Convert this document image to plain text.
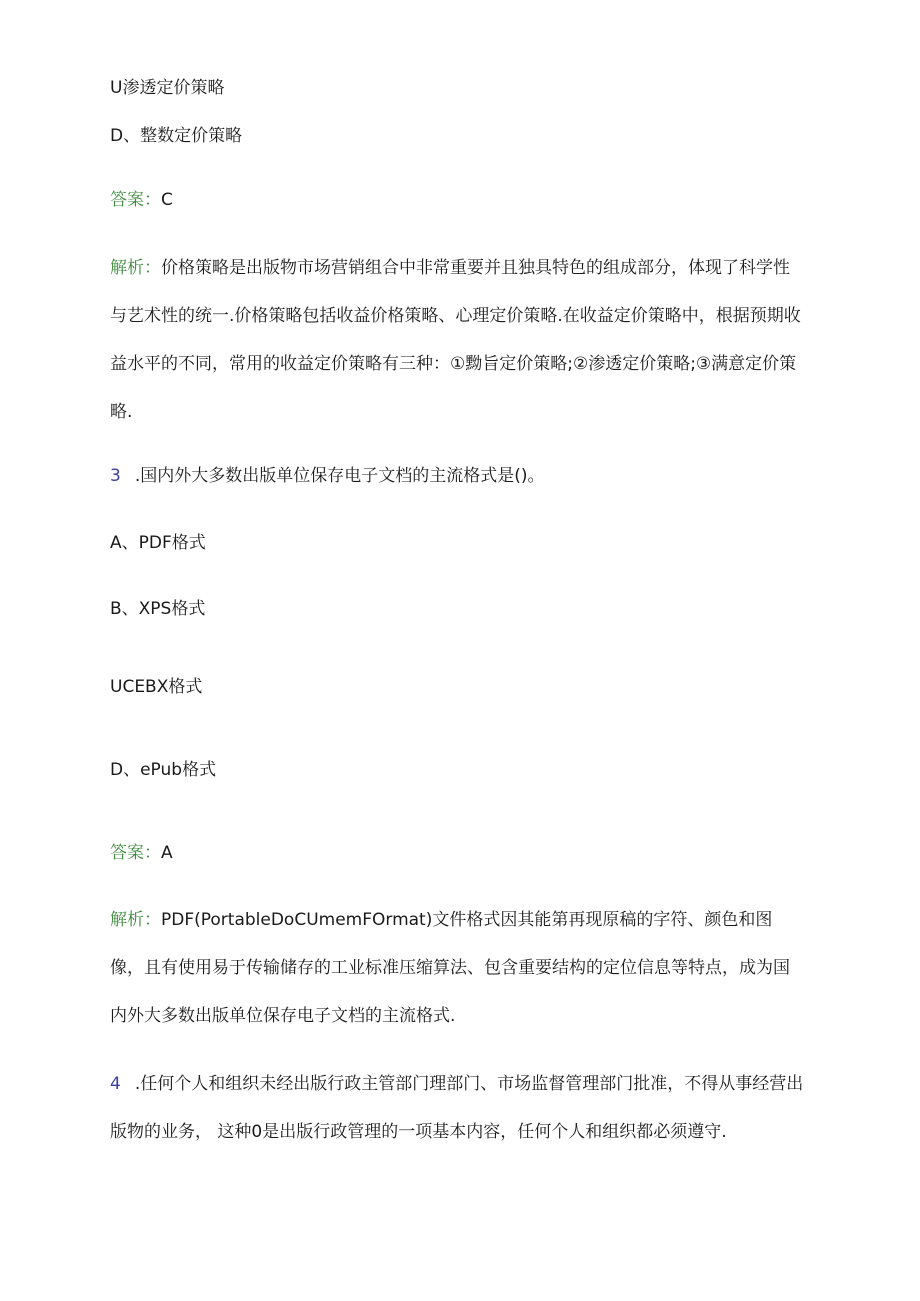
U渗透定价策略
D、整数定价策略
答案：C
解析：价格策略是出版物市场营销组合中非常重要并且独具特色的组成部分，体现了科学性
与艺术性的统一.价格策略包括收益价格策略、心理定价策略.在收益定价策略中，根据预期收
益水平的不同，常用的收益定价策略有三种：①黝旨定价策略;②渗透定价策略;③满意定价策
略.
3 .国内外大多数出版单位保存电子文档的主流格式是()。
A、PDF格式
B、XPS格式
UCEBX格式
D、ePub格式
答案：A
解析：PDF(PortableDoCUmemFOrmat)文件格式因其能第再现原稿的字符、颜色和图
像，且有使用易于传输储存的工业标准压缩算法、包含重要结构的定位信息等特点，成为国
内外大多数出版单位保存电子文档的主流格式.
4 .任何个人和组织未经出版行政主管部门理部门、市场监督管理部门批准，不得从事经营出
版物的业务， 这种0是出版行政管理的一项基本内容，任何个人和组织都必须遵守.
